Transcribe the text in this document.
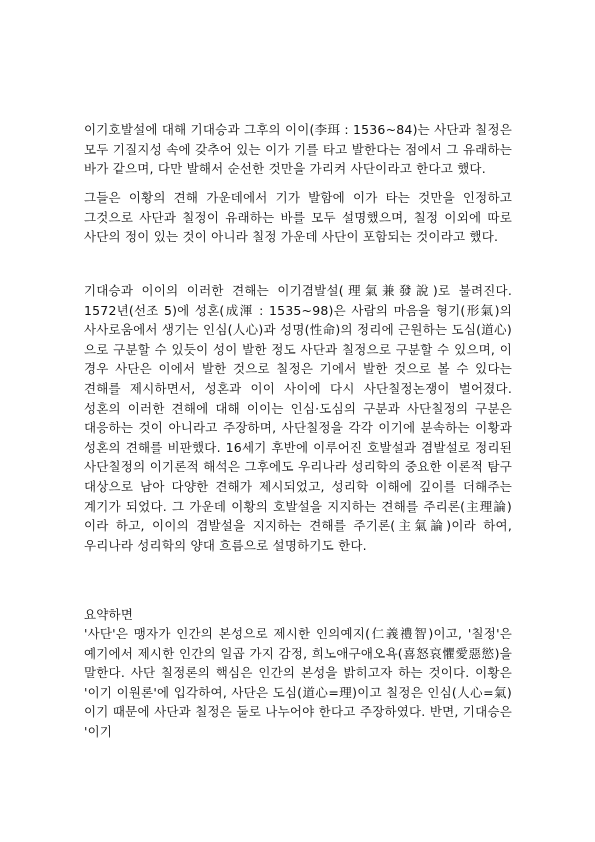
이기호발설에 대해 기대승과 그후의 이이(李珥 : 1536~84)는 사단과 칠정은 모두 기질지성 속에 갖추어 있는 이가 기를 타고 발한다는 점에서 그 유래하는 바가 같으며, 다만 발해서 순선한 것만을 가리켜 사단이라고 한다고 했다.

그들은 이황의 견해 가운데에서 기가 발함에 이가 타는 것만을 인정하고 그것으로 사단과 칠정이 유래하는 바를 모두 설명했으며, 칠정 이외에 따로 사단의 정이 있는 것이 아니라 칠정 가운데 사단이 포함되는 것이라고 했다.

기대승과 이이의 이러한 견해는 이기겸발설(理氣兼發說)로 불려진다. 1572년(선조 5)에 성혼(成渾 : 1535~98)은 사람의 마음을 형기(形氣)의 사사로움에서 생기는 인심(人心)과 성명(性命)의 정리에 근원하는 도심(道心)으로 구분할 수 있듯이 성이 발한 정도 사단과 칠정으로 구분할 수 있으며, 이 경우 사단은 이에서 발한 것으로 칠정은 기에서 발한 것으로 볼 수 있다는 견해를 제시하면서, 성혼과 이이 사이에 다시 사단칠정논쟁이 벌어졌다. 성혼의 이러한 견해에 대해 이이는 인심·도심의 구분과 사단칠정의 구분은 대응하는 것이 아니라고 주장하며, 사단칠정을 각각 이기에 분속하는 이황과 성혼의 견해를 비판했다. 16세기 후반에 이루어진 호발설과 겸발설로 정리된 사단칠정의 이기론적 해석은 그후에도 우리나라 성리학의 중요한 이론적 탐구 대상으로 남아 다양한 견해가 제시되었고, 성리학 이해에 깊이를 더해주는 계기가 되었다. 그 가운데 이황의 호발설을 지지하는 견해를 주리론(主理論)이라 하고, 이이의 겸발설을 지지하는 견해를 주기론(主氣論)이라 하여, 우리나라 성리학의 양대 흐름으로 설명하기도 한다.

요약하면

'사단'은 맹자가 인간의 본성으로 제시한 인의예지(仁義禮智)이고, '칠정'은 예기에서 제시한 인간의 일곱 가지 감정, 희노애구애오욕(喜怒哀懼愛惡慾)을 말한다. 사단 칠정론의 핵심은 인간의 본성을 밝히고자 하는 것이다. 이황은 '이기 이원론'에 입각하여, 사단은 도심(道心=理)이고 칠정은 인심(人心=氣)이기 때문에 사단과 칠정은 둘로 나누어야 한다고 주장하였다. 반면, 기대승은 '이기
